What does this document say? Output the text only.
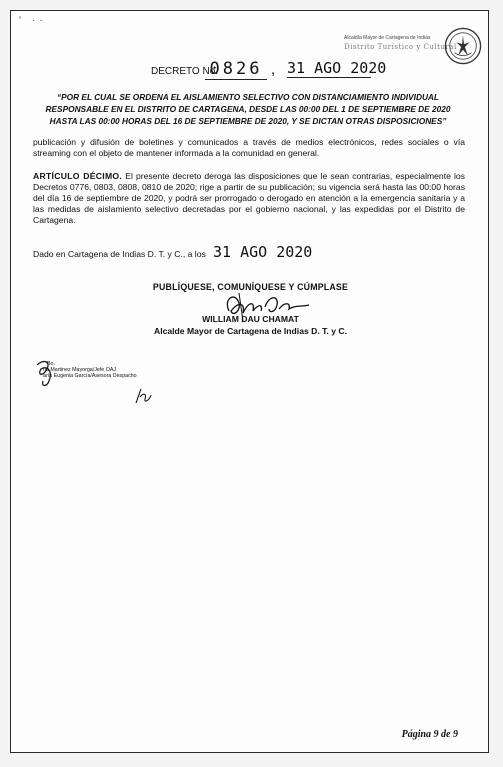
‘ ··
Alcaldía Mayor de Cartagena de Indias
Distrito Turístico y Cultural
DECRETO No.
0826 , 31 AGO 2020
“POR EL CUAL SE ORDENA EL AISLAMIENTO SELECTIVO CON DISTANCIAMIENTO INDIVIDUAL RESPONSABLE EN EL DISTRITO DE CARTAGENA, DESDE LAS 00:00 DEL 1 DE SEPTIEMBRE DE 2020 HASTA LAS 00:00 HORAS DEL 16 DE SEPTIEMBRE DE 2020, Y SE DICTAN OTRAS DISPOSICIONES”
publicación y difusión de boletines y comunicados a través de medios electrónicos, redes sociales o vía streaming con el objeto de mantener informada a la comunidad en general.
ARTÍCULO DÉCIMO. El presente decreto deroga las disposiciones que le sean contrarias, especialmente los Decretos 0776, 0803, 0808, 0810 de 2020; rige a partir de su publicación; su vigencia será hasta las 00:00 horas del día 16 de septiembre de 2020, y podrá ser prorrogado o derogado en atención a la emergencia sanitaria y a las medidas de aislamiento selectivo decretadas por el gobierno nacional, y las expedidas por el Distrito de Cartagena.
Dado en Cartagena de Indias D. T. y C., a los 31 AGO 2020
PUBLÍQUESE, COMUNÍQUESE Y CÚMPLASE
WILLIAM DAU CHAMAT
Alcalde Mayor de Cartagena de Indias D. T. y C.
Bo.
na Martinez Mayorga/Jefe OAJ
aría Eugenia García/Asesora Despacho
Página 9 de 9
